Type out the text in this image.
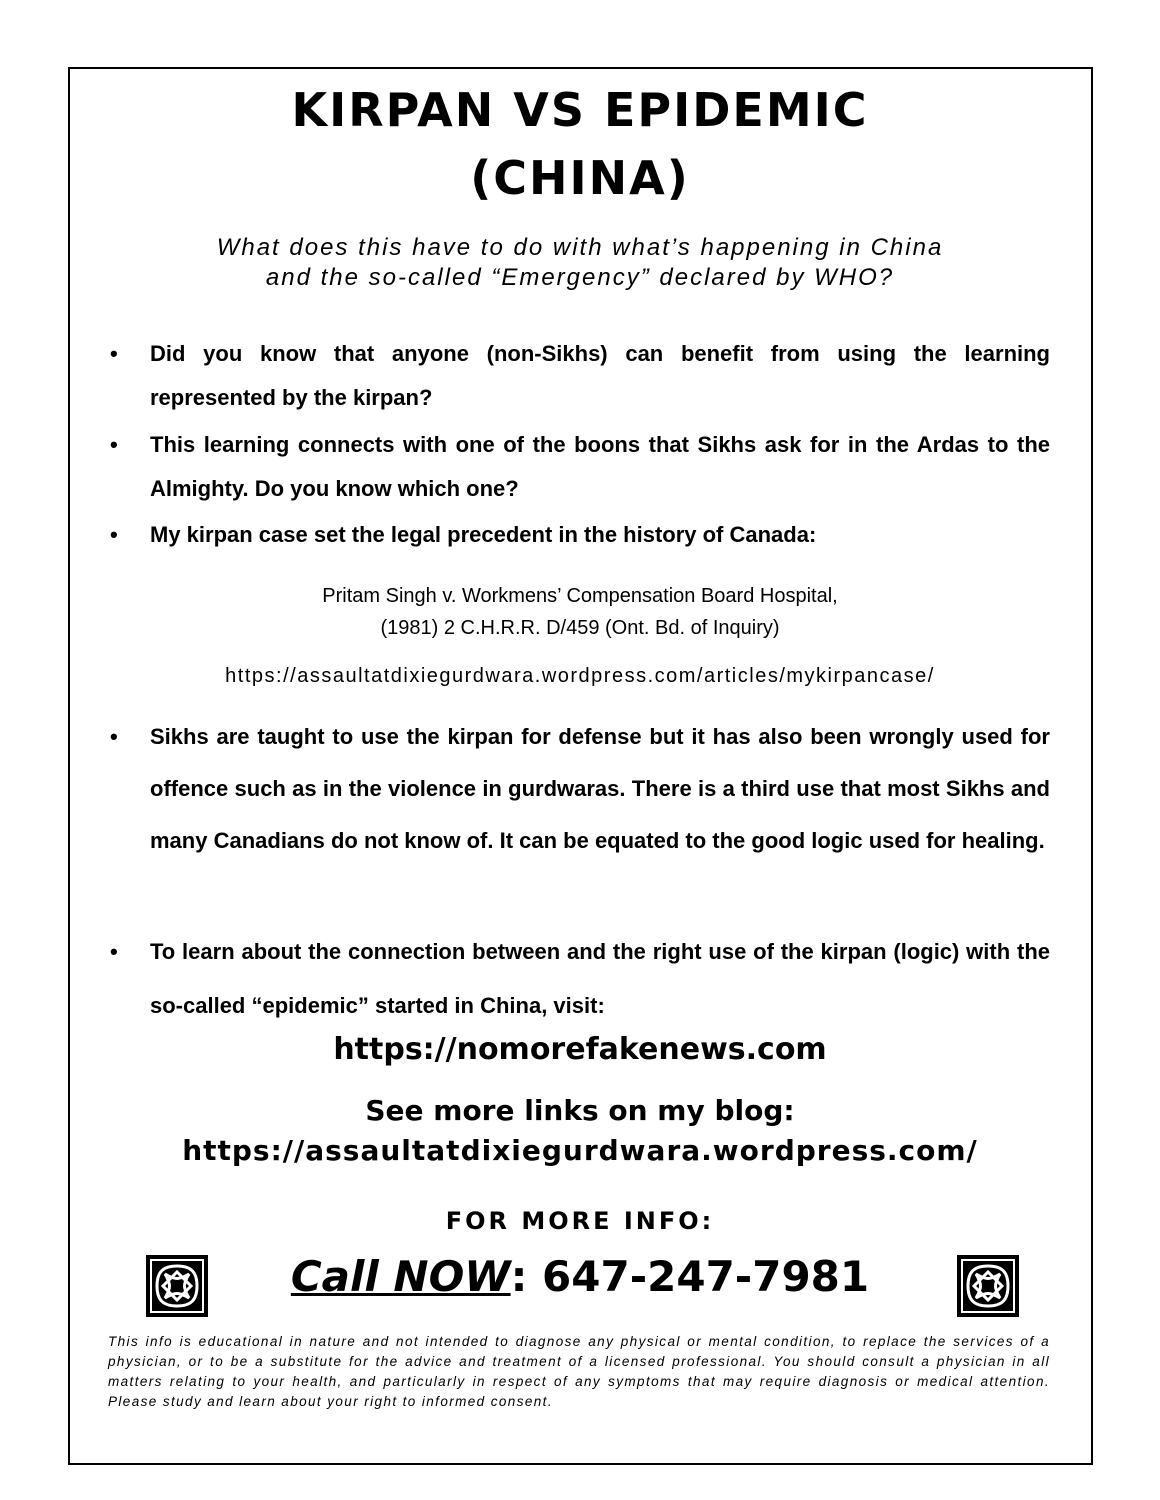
KIRPAN VS EPIDEMIC
(CHINA)
What does this have to do with what’s happening in China
and the so-called “Emergency” declared by WHO?
• Did you know that anyone (non-Sikhs) can benefit from using the learning represented by the kirpan?
• This learning connects with one of the boons that Sikhs ask for in the Ardas to the Almighty. Do you know which one?
• My kirpan case set the legal precedent in the history of Canada:
• Sikhs are taught to use the kirpan for defense but it has also been wrongly used for offence such as in the violence in gurdwaras. There is a third use that most Sikhs and many Canadians do not know of. It can be equated to the good logic used for healing.
• To learn about the connection between and the right use of the kirpan (logic) with the so-called “epidemic” started in China, visit:
Pritam Singh v. Workmens’ Compensation Board Hospital,
(1981) 2 C.H.R.R. D/459 (Ont. Bd. of Inquiry)
https://assaultatdixiegurdwara.wordpress.com/articles/mykirpancase/
https://nomorefakenews.com
See more links on my blog:
https://assaultatdixiegurdwara.wordpress.com/
FOR MORE INFO:
Call NOW: 647-247-7981
This info is educational in nature and not intended to diagnose any physical or mental condition, to replace the services of a physician, or to be a substitute for the advice and treatment of a licensed professional. You should consult a physician in all matters relating to your health, and particularly in respect of any symptoms that may require diagnosis or medical attention. Please study and learn about your right to informed consent.
